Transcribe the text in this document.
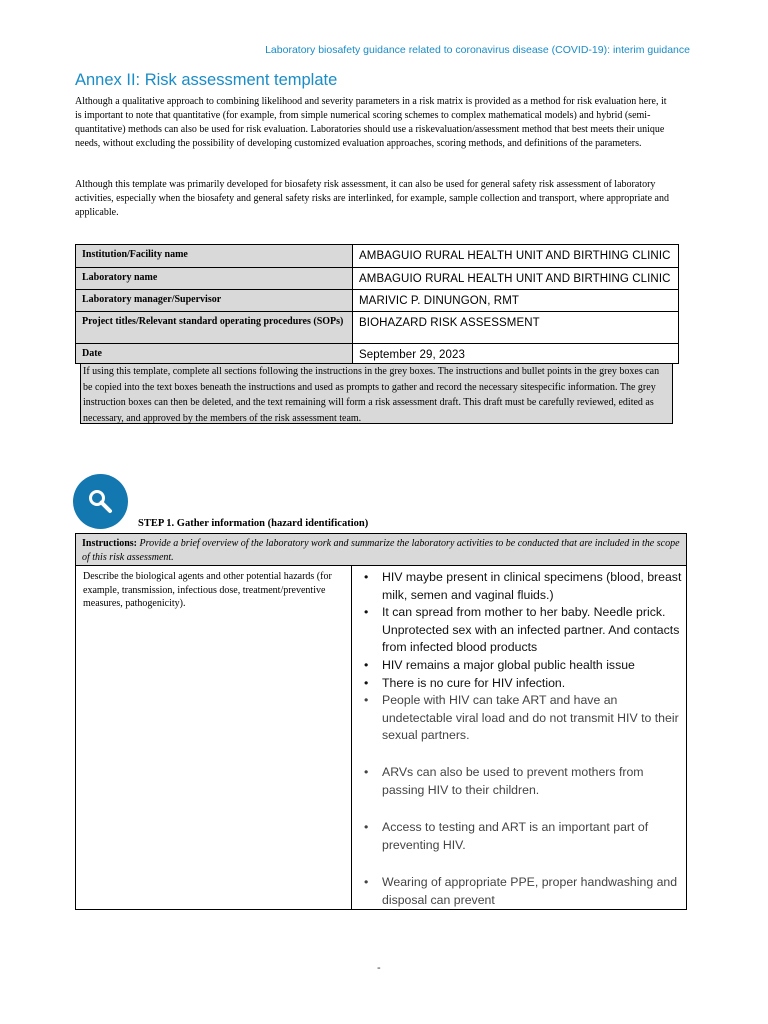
Laboratory biosafety guidance related to coronavirus disease (COVID-19): interim guidance
Annex II: Risk assessment template

Although a qualitative approach to combining likelihood and severity parameters in a risk matrix is provided as a method for risk evaluation here, it is important to note that quantitative (for example, from simple numerical scoring schemes to complex mathematical models) and hybrid (semi-quantitative) methods can also be used for risk evaluation. Laboratories should use a riskevaluation/assessment method that best meets their unique needs, without excluding the possibility of developing customized evaluation approaches, scoring methods, and definitions of the parameters.

Although this template was primarily developed for biosafety risk assessment, it can also be used for general safety risk assessment of laboratory activities, especially when the biosafety and general safety risks are interlinked, for example, sample collection and transport, where appropriate and applicable.

Institution/Facility name	AMBAGUIO RURAL HEALTH UNIT AND BIRTHING CLINIC
Laboratory name	AMBAGUIO RURAL HEALTH UNIT AND BIRTHING CLINIC
Laboratory manager/Supervisor	MARIVIC P. DINUNGON, RMT
Project titles/Relevant standard operating procedures (SOPs)	BIOHAZARD RISK ASSESSMENT
Date	September 29, 2023
If using this template, complete all sections following the instructions in the grey boxes. The instructions and bullet points in the grey boxes can be copied into the text boxes beneath the instructions and used as prompts to gather and record the necessary sitespecific information. The grey instruction boxes can then be deleted, and the text remaining will form a risk assessment draft. This draft must be carefully reviewed, edited as necessary, and approved by the members of the risk assessment team.
STEP 1. Gather information (hazard identification)
Instructions: Provide a brief overview of the laboratory work and summarize the laboratory activities to be conducted that are included in the scope of this risk assessment.
Describe the biological agents and other potential hazards (for example, transmission, infectious dose, treatment/preventive measures, pathogenicity).
• HIV maybe present in clinical specimens (blood, breast milk, semen and vaginal fluids.)
• It can spread from mother to her baby. Needle prick. Unprotected sex with an infected partner. And contacts from infected blood products
• HIV remains a major global public health issue
• There is no cure for HIV infection.
• People with HIV can take ART and have an undetectable viral load and do not transmit HIV to their sexual partners.
• ARVs can also be used to prevent mothers from passing HIV to their children.
• Access to testing and ART is an important part of preventing HIV.
• Wearing of appropriate PPE, proper handwashing and disposal can prevent
-
